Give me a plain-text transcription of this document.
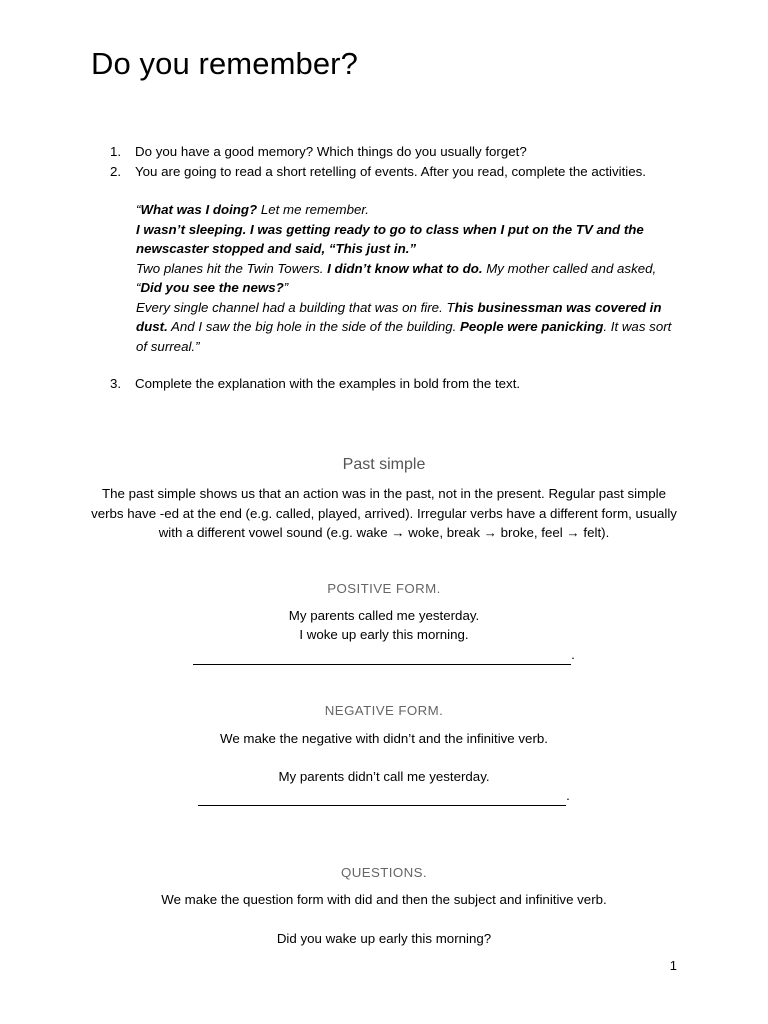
Do you remember?
1.	Do you have a good memory? Which things do you usually forget?
2.	You are going to read a short retelling of events. After you read, complete the activities.
“What was I doing? Let me remember.
I wasn’t sleeping. I was getting ready to go to class when I put on the TV and the newscaster stopped and said, “This just in.”
Two planes hit the Twin Towers. I didn’t know what to do. My mother called and asked, “Did you see the news?”
Every single channel had a building that was on fire. This businessman was covered in dust. And I saw the big hole in the side of the building. People were panicking. It was sort of surreal.”
3.	Complete the explanation with the examples in bold from the text.
Past simple
The past simple shows us that an action was in the past, not in the present. Regular past simple verbs have -ed at the end (e.g. called, played, arrived). Irregular verbs have a different form, usually with a different vowel sound (e.g. wake → woke, break → broke, feel → felt).
POSITIVE FORM.
My parents called me yesterday.
I woke up early this morning.
.
NEGATIVE FORM.
We make the negative with didn’t and the infinitive verb.
My parents didn’t call me yesterday.
.
QUESTIONS.
We make the question form with did and then the subject and infinitive verb.
Did you wake up early this morning?
1
